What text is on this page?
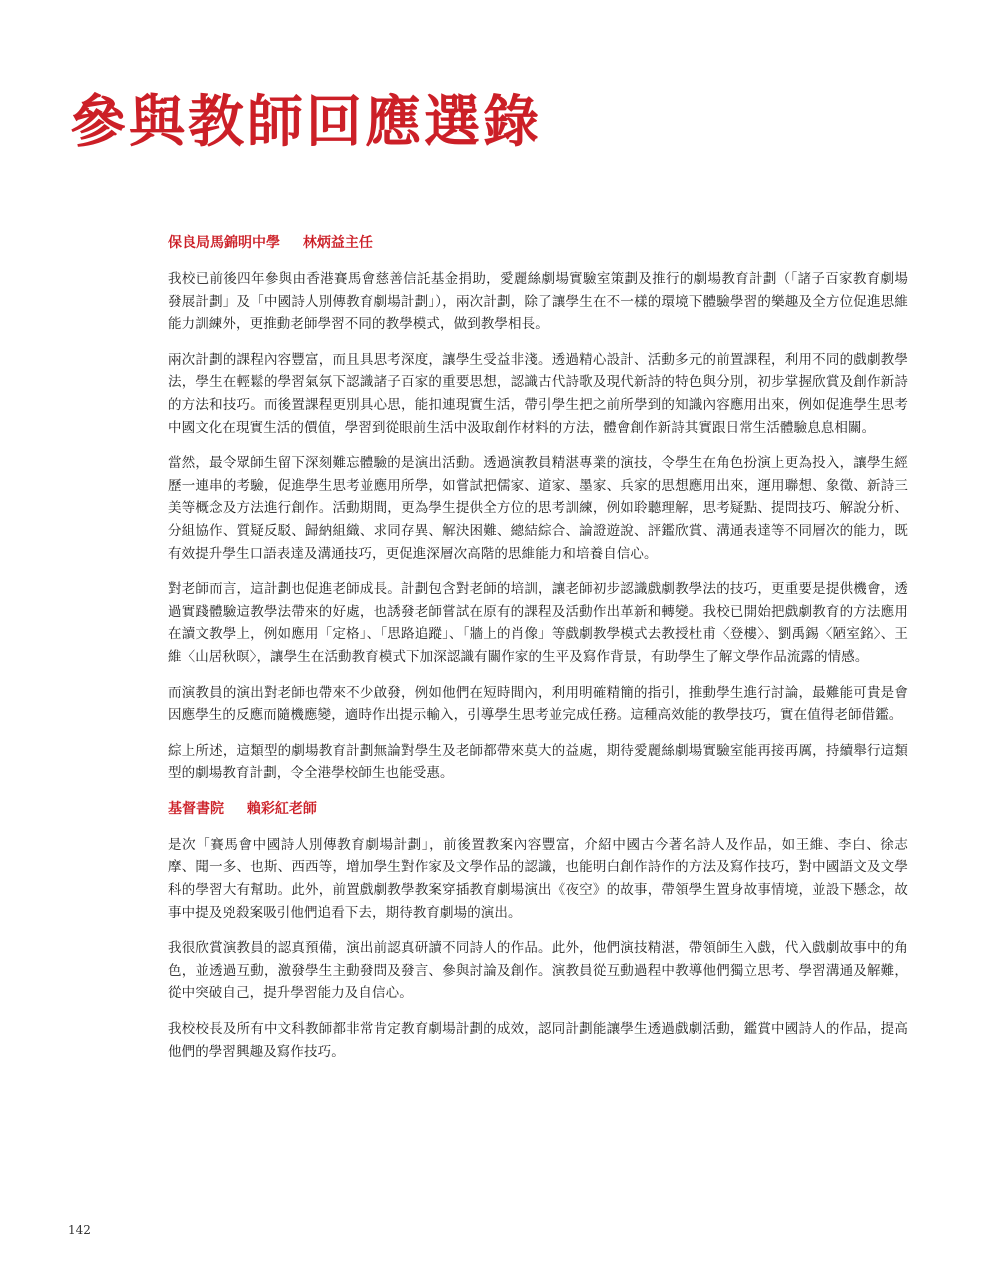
參與教師回應選錄
保良局馬錦明中學 林炳益主任

我校已前後四年參與由香港賽馬會慈善信託基金捐助，愛麗絲劇場實驗室策劃及推行的劇場教育計劃（「諸子百家教育劇場發展計劃」及「中國詩人別傳教育劇場計劃」），兩次計劃，除了讓學生在不一樣的環境下體驗學習的樂趣及全方位促進思維能力訓練外，更推動老師學習不同的教學模式，做到教學相長。

兩次計劃的課程內容豐富，而且具思考深度，讓學生受益非淺。透過精心設計、活動多元的前置課程，利用不同的戲劇教學法，學生在輕鬆的學習氣氛下認識諸子百家的重要思想，認識古代詩歌及現代新詩的特色與分別，初步掌握欣賞及創作新詩的方法和技巧。而後置課程更別具心思，能扣連現實生活，帶引學生把之前所學到的知識內容應用出來，例如促進學生思考中國文化在現實生活的價值，學習到從眼前生活中汲取創作材料的方法，體會創作新詩其實跟日常生活體驗息息相關。

當然，最令眾師生留下深刻難忘體驗的是演出活動。透過演教員精湛專業的演技，令學生在角色扮演上更為投入，讓學生經歷一連串的考驗，促進學生思考並應用所學，如嘗試把儒家、道家、墨家、兵家的思想應用出來，運用聯想、象徵、新詩三美等概念及方法進行創作。活動期間，更為學生提供全方位的思考訓練，例如聆聽理解，思考疑點、提問技巧、解說分析、分組協作、質疑反駁、歸納組織、求同存異、解決困難、總結綜合、論證遊說、評鑑欣賞、溝通表達等不同層次的能力，既有效提升學生口語表達及溝通技巧，更促進深層次高階的思維能力和培養自信心。

對老師而言，這計劃也促進老師成長。計劃包含對老師的培訓，讓老師初步認識戲劇教學法的技巧，更重要是提供機會，透過實踐體驗這教學法帶來的好處，也誘發老師嘗試在原有的課程及活動作出革新和轉變。我校已開始把戲劇教育的方法應用在讀文教學上，例如應用「定格」、「思路追蹤」、「牆上的肖像」等戲劇教學模式去教授杜甫〈登樓〉、劉禹錫〈陋室銘〉、王維〈山居秋暝〉，讓學生在活動教育模式下加深認識有關作家的生平及寫作背景，有助學生了解文學作品流露的情感。

而演教員的演出對老師也帶來不少啟發，例如他們在短時間內，利用明確精簡的指引，推動學生進行討論，最難能可貴是會因應學生的反應而隨機應變，適時作出提示輸入，引導學生思考並完成任務。這種高效能的教學技巧，實在值得老師借鑑。

綜上所述，這類型的劇場教育計劃無論對學生及老師都帶來莫大的益處，期待愛麗絲劇場實驗室能再接再厲，持續舉行這類型的劇場教育計劃，令全港學校師生也能受惠。

基督書院 賴彩紅老師

是次「賽馬會中國詩人別傳教育劇場計劃」，前後置教案內容豐富，介紹中國古今著名詩人及作品，如王維、李白、徐志摩、聞一多、也斯、西西等，增加學生對作家及文學作品的認識，也能明白創作詩作的方法及寫作技巧，對中國語文及文學科的學習大有幫助。此外，前置戲劇教學教案穿插教育劇場演出《夜空》的故事，帶領學生置身故事情境，並設下懸念，故事中提及兇殺案吸引他們追看下去，期待教育劇場的演出。

我很欣賞演教員的認真預備，演出前認真研讀不同詩人的作品。此外，他們演技精湛，帶領師生入戲，代入戲劇故事中的角色，並透過互動，激發學生主動發問及發言、參與討論及創作。演教員從互動過程中教導他們獨立思考、學習溝通及解難，從中突破自己，提升學習能力及自信心。

我校校長及所有中文科教師都非常肯定教育劇場計劃的成效，認同計劃能讓學生透過戲劇活動，鑑賞中國詩人的作品，提高他們的學習興趣及寫作技巧。

142
